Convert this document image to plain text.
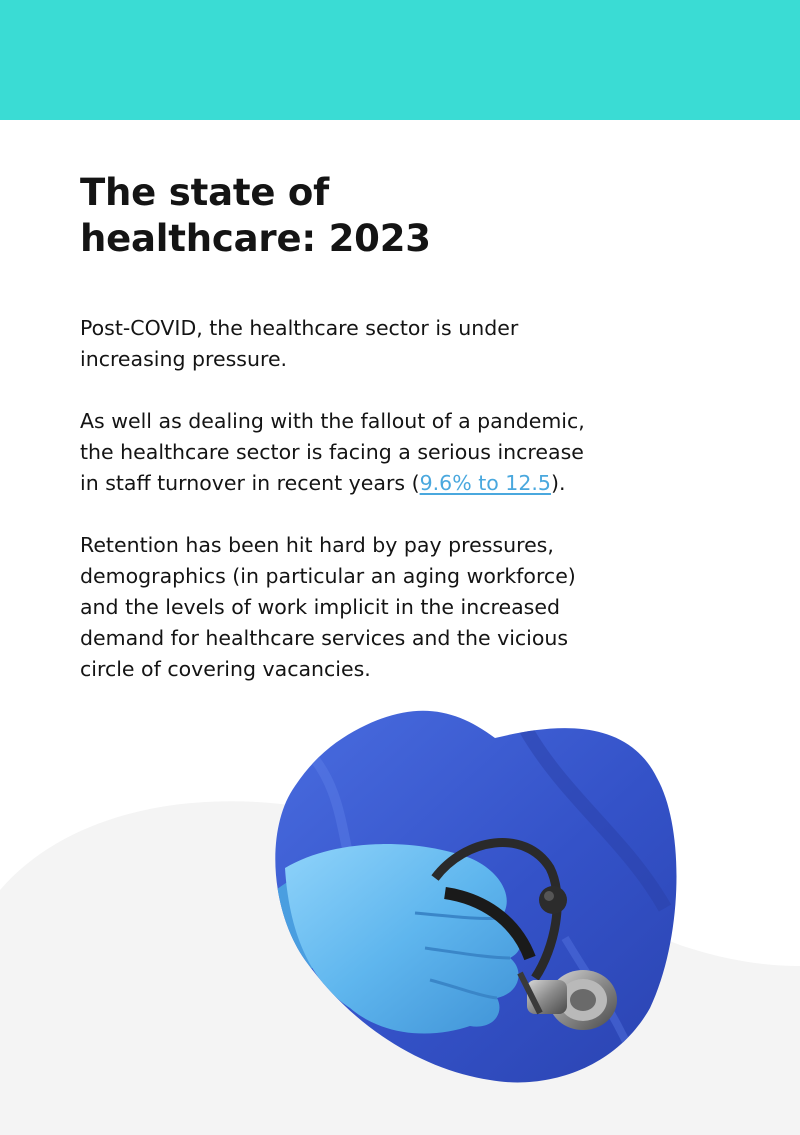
The state of
healthcare: 2023

Post-COVID, the healthcare sector is under
increasing pressure.

As well as dealing with the fallout of a pandemic,
the healthcare sector is facing a serious increase
in staff turnover in recent years (9.6% to 12.5).

Retention has been hit hard by pay pressures,
demographics (in particular an aging workforce)
and the levels of work implicit in the increased
demand for healthcare services and the vicious
circle of covering vacancies.
